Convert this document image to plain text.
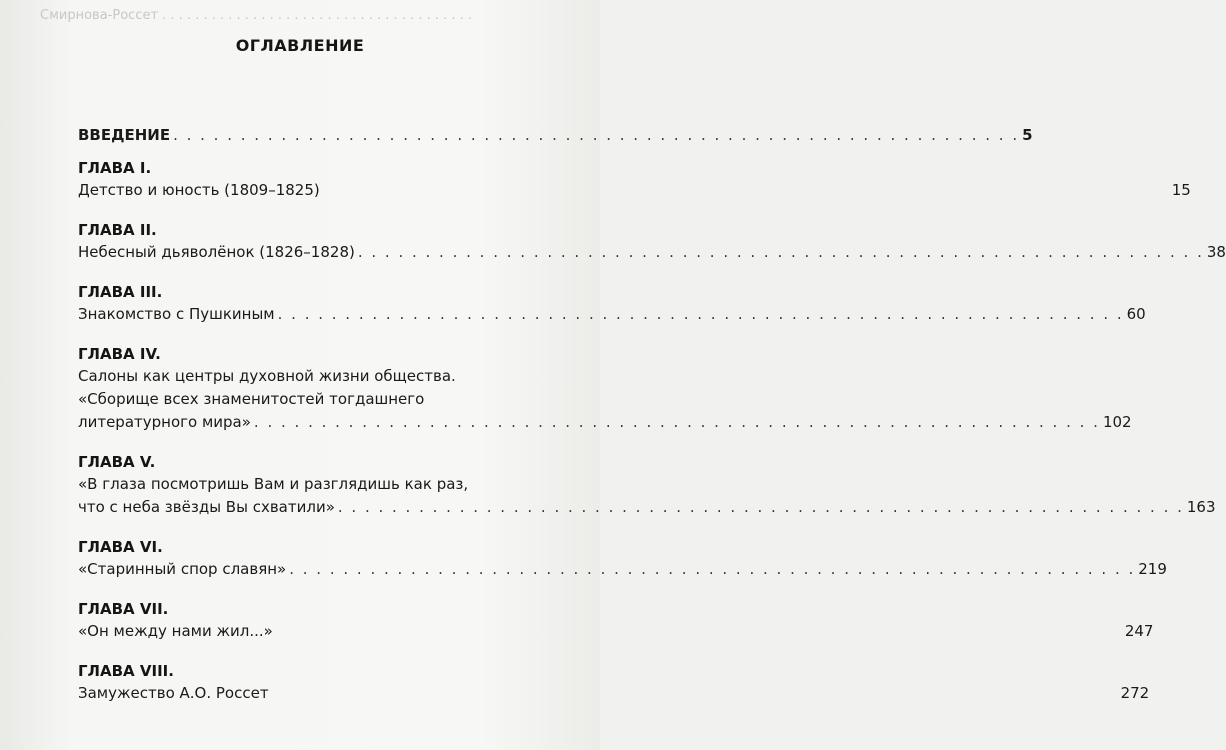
Смирнова-Россет . . . . . . . . . . . . . . . . . . . . . . . . . . . . . . . . . . . . . .
ОГЛАВЛЕНИЕ
ВВЕДЕНИЕ . . . . . . . . . . . . . . . . . . . . . . . . . . . . . . . . . . . . . . . . . . . . . . . . . . . . . . . . . . . . . . . 5
ГЛАВА I.
Детство и юность (1809–1825)	15
ГЛАВА II.
Небесный дьяволёнок (1826–1828) . . . . . . . . . . . . . . . . . . . . . . . . . . . . . . . . . . . . . . . . . . . . . . . . . . . . . . . . . . . . . . . 38
ГЛАВА III.
Знакомство с Пушкиным . . . . . . . . . . . . . . . . . . . . . . . . . . . . . . . . . . . . . . . . . . . . . . . . . . . . . . . . . . . . . . . 60
ГЛАВА IV.
Салоны как центры духовной жизни общества.
«Сборище всех знаменитостей тогдашнего
литературного мира» . . . . . . . . . . . . . . . . . . . . . . . . . . . . . . . . . . . . . . . . . . . . . . . . . . . . . . . . . . . . . . . 102
ГЛАВА V.
«В глаза посмотришь Вам и разглядишь как раз,
что с неба звёзды Вы схватили» . . . . . . . . . . . . . . . . . . . . . . . . . . . . . . . . . . . . . . . . . . . . . . . . . . . . . . . . . . . . . . . 163
ГЛАВА VI.
«Старинный спор славян» . . . . . . . . . . . . . . . . . . . . . . . . . . . . . . . . . . . . . . . . . . . . . . . . . . . . . . . . . . . . . . . 219
ГЛАВА VII.
«Он между нами жил...»	247
ГЛАВА VIII.
Замужество А.О. Россет	272
